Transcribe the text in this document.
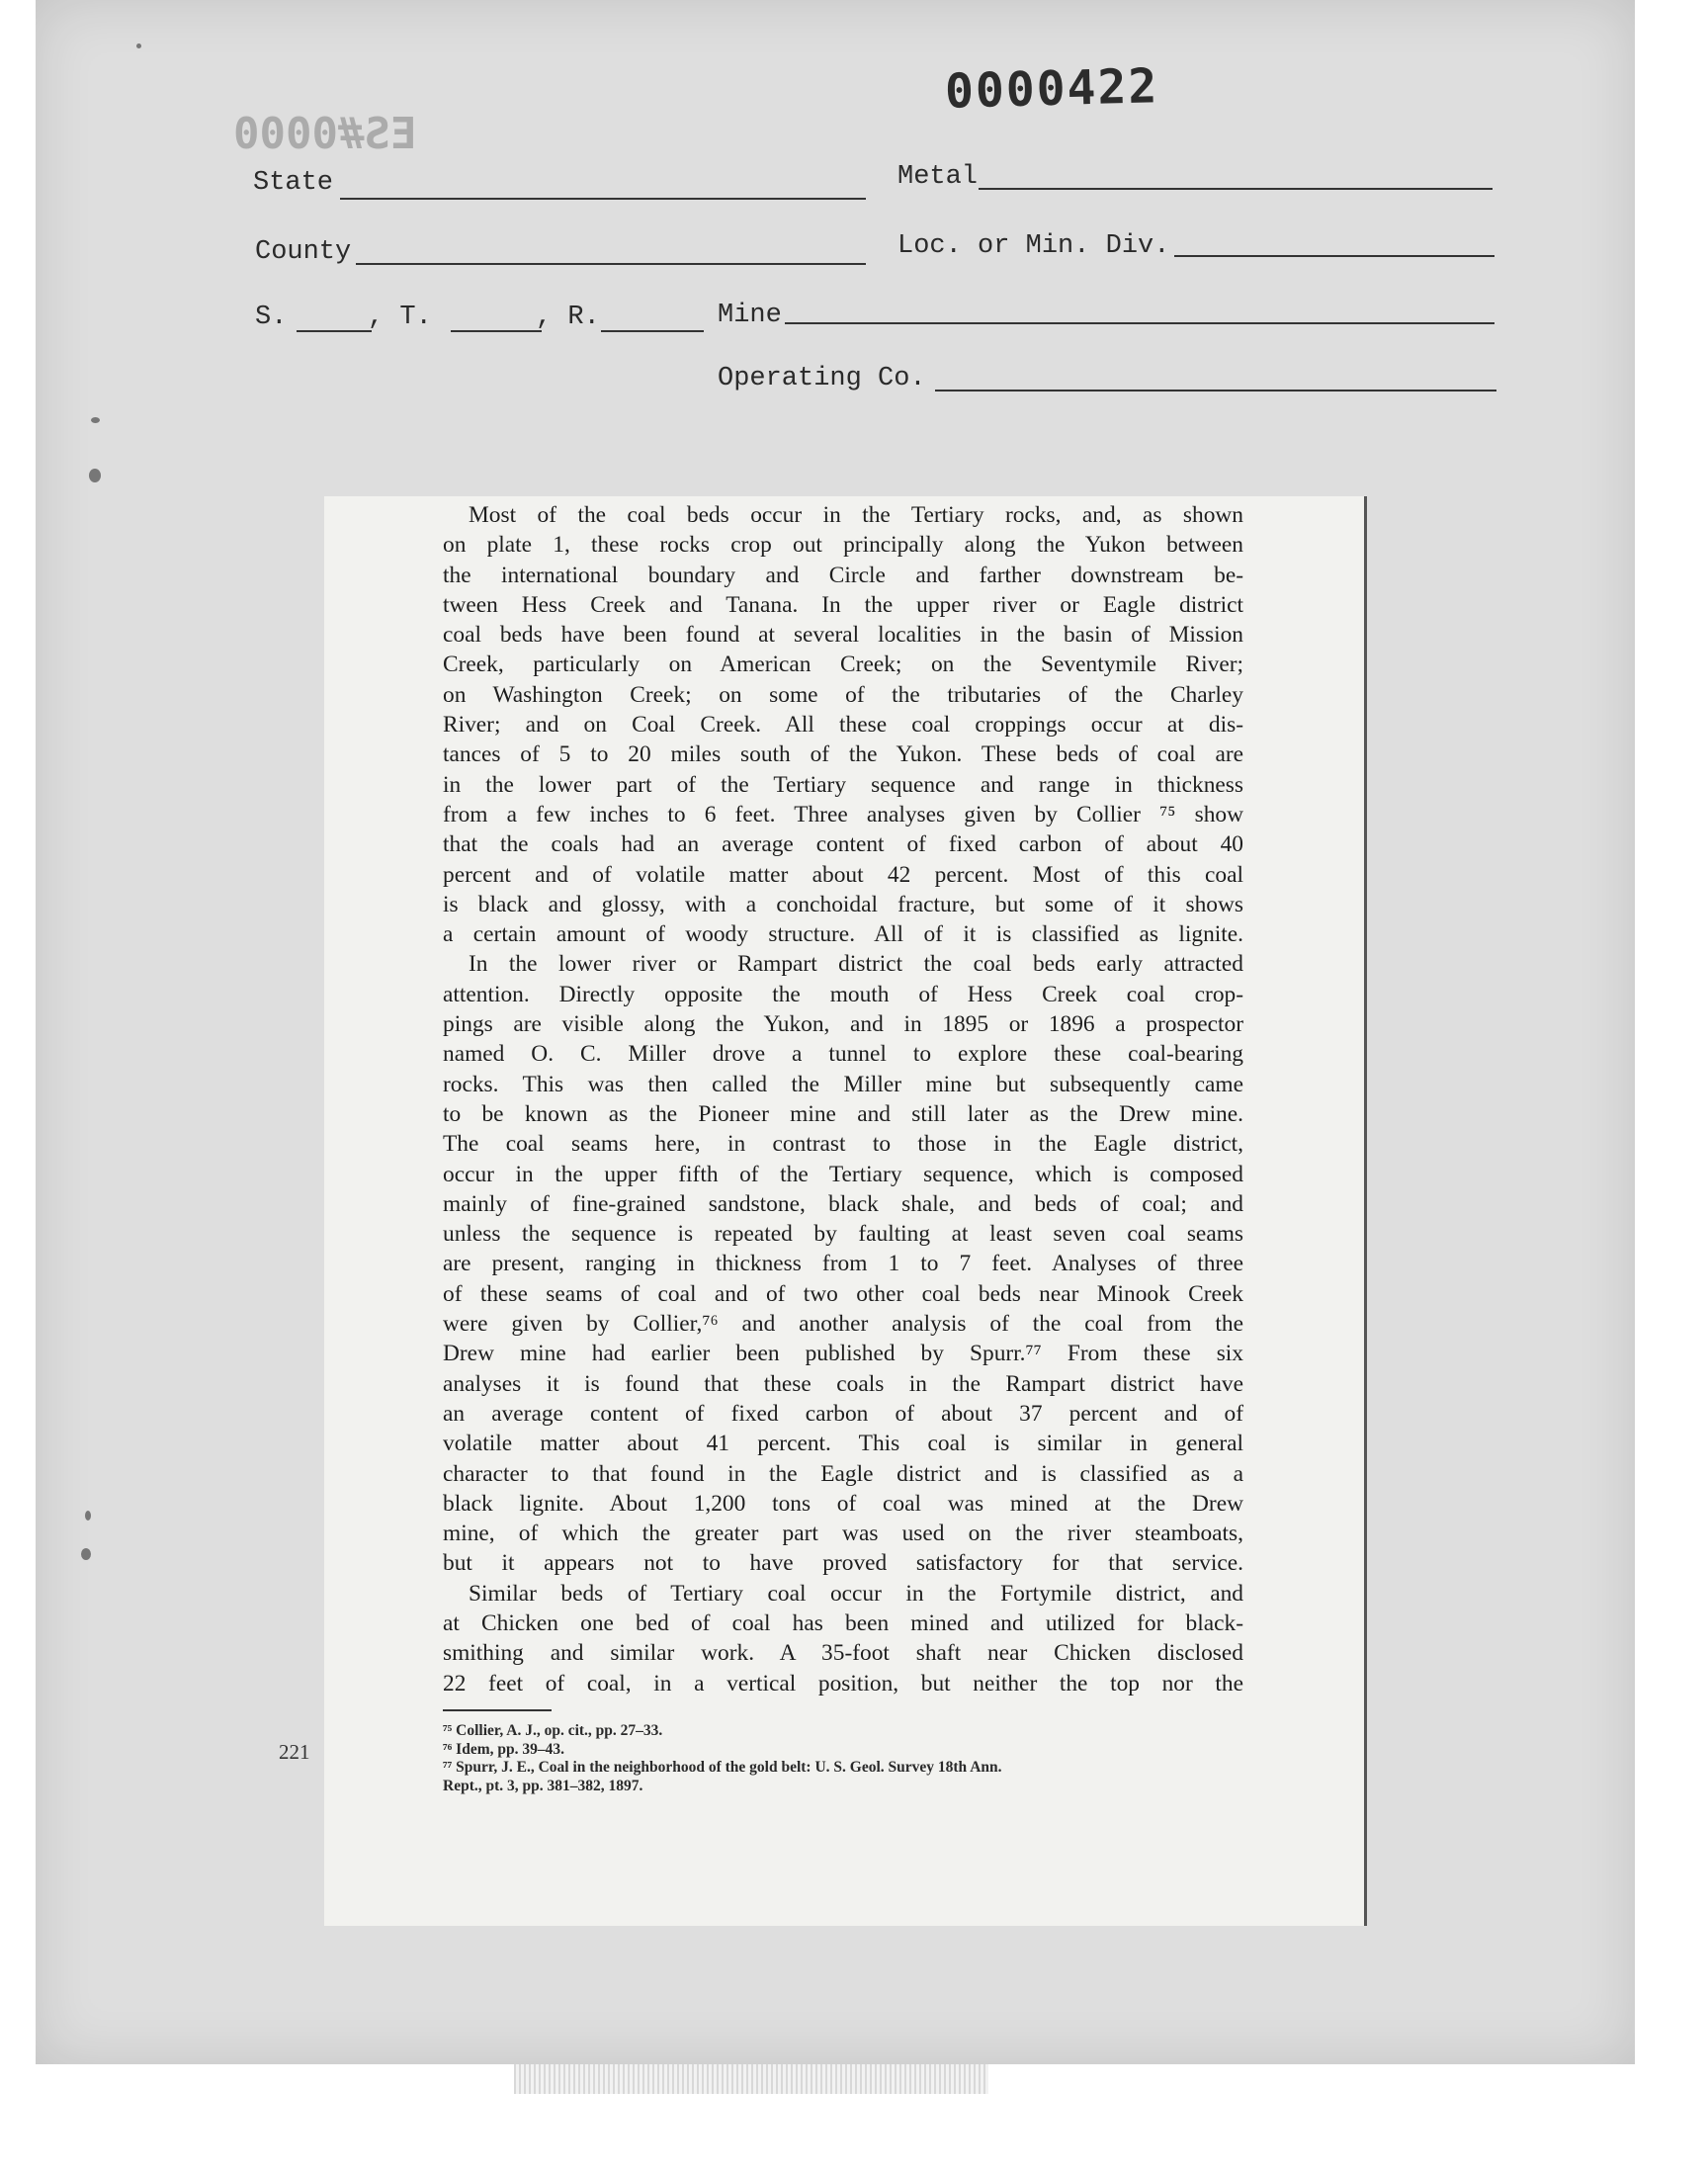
0000422
ES#0000
State	Metal
County	Loc. or Min. Div.
S.	, T.	, R.	Mine
Operating Co.

Most of the coal beds occur in the Tertiary rocks, and, as shown
on plate 1, these rocks crop out principally along the Yukon between
the international boundary and Circle and farther downstream be-
tween Hess Creek and Tanana. In the upper river or Eagle district
coal beds have been found at several localities in the basin of Mission
Creek, particularly on American Creek; on the Seventymile River;
on Washington Creek; on some of the tributaries of the Charley
River; and on Coal Creek. All these coal croppings occur at dis-
tances of 5 to 20 miles south of the Yukon. These beds of coal are
in the lower part of the Tertiary sequence and range in thickness
from a few inches to 6 feet. Three analyses given by Collier ⁷⁵ show
that the coals had an average content of fixed carbon of about 40
percent and of volatile matter about 42 percent. Most of this coal
is black and glossy, with a conchoidal fracture, but some of it shows
a certain amount of woody structure. All of it is classified as lignite.

In the lower river or Rampart district the coal beds early attracted
attention. Directly opposite the mouth of Hess Creek coal crop-
pings are visible along the Yukon, and in 1895 or 1896 a prospector
named O. C. Miller drove a tunnel to explore these coal-bearing
rocks. This was then called the Miller mine but subsequently came
to be known as the Pioneer mine and still later as the Drew mine.
The coal seams here, in contrast to those in the Eagle district,
occur in the upper fifth of the Tertiary sequence, which is composed
mainly of fine-grained sandstone, black shale, and beds of coal; and
unless the sequence is repeated by faulting at least seven coal seams
are present, ranging in thickness from 1 to 7 feet. Analyses of three
of these seams of coal and of two other coal beds near Minook Creek
were given by Collier,⁷⁶ and another analysis of the coal from the
Drew mine had earlier been published by Spurr.⁷⁷ From these six
analyses it is found that these coals in the Rampart district have
an average content of fixed carbon of about 37 percent and of
volatile matter about 41 percent. This coal is similar in general
character to that found in the Eagle district and is classified as a
black lignite. About 1,200 tons of coal was mined at the Drew
mine, of which the greater part was used on the river steamboats,
but it appears not to have proved satisfactory for that service.

Similar beds of Tertiary coal occur in the Fortymile district, and
at Chicken one bed of coal has been mined and utilized for black-
smithing and similar work. A 35-foot shaft near Chicken disclosed
22 feet of coal, in a vertical position, but neither the top nor the

⁷⁵ Collier, A. J., op. cit., pp. 27–33.
⁷⁶ Idem, pp. 39–43.
⁷⁷ Spurr, J. E., Coal in the neighborhood of the gold belt: U. S. Geol. Survey 18th Ann.
Rept., pt. 3, pp. 381–382, 1897.
221
